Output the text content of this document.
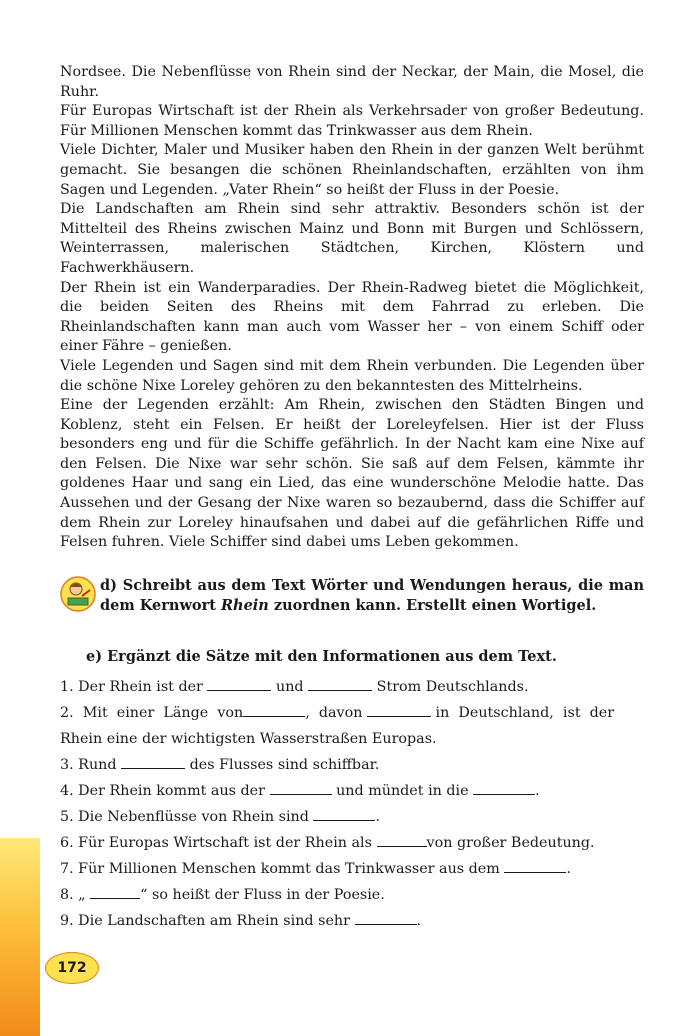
Nordsee. Die Nebenflüsse von Rhein sind der Neckar, der Main, die Mosel, die Ruhr.

Für Europas Wirtschaft ist der Rhein als Verkehrsader von großer Bedeutung. Für Millionen Menschen kommt das Trinkwasser aus dem Rhein.

Viele Dichter, Maler und Musiker haben den Rhein in der ganzen Welt berühmt gemacht. Sie besangen die schönen Rheinlandschaften, erzählten von ihm Sagen und Legenden. „Vater Rhein“ so heißt der Fluss in der Poesie.

Die Landschaften am Rhein sind sehr attraktiv. Besonders schön ist der Mittelteil des Rheins zwischen Mainz und Bonn mit Burgen und Schlössern, Weinterrassen, malerischen Städtchen, Kirchen, Klöstern und Fachwerkhäusern.

Der Rhein ist ein Wanderparadies. Der Rhein-Radweg bietet die Möglichkeit, die beiden Seiten des Rheins mit dem Fahrrad zu erleben. Die Rheinlandschaften kann man auch vom Wasser her – von einem Schiff oder einer Fähre – genießen.

Viele Legenden und Sagen sind mit dem Rhein verbunden. Die Legenden über die schöne Nixe Loreley gehören zu den bekanntesten des Mittelrheins.

Eine der Legenden erzählt: Am Rhein, zwischen den Städten Bingen und Koblenz, steht ein Felsen. Er heißt der Loreleyfelsen. Hier ist der Fluss besonders eng und für die Schiffe gefährlich. In der Nacht kam eine Nixe auf den Felsen. Die Nixe war sehr schön. Sie saß auf dem Felsen, kämmte ihr goldenes Haar und sang ein Lied, das eine wunderschöne Melodie hatte. Das Aussehen und der Gesang der Nixe waren so bezaubernd, dass die Schiffer auf dem Rhein zur Loreley hinaufsahen und dabei auf die gefährlichen Riffe und Felsen fuhren. Viele Schiffer sind dabei ums Leben gekommen.

d) Schreibt aus dem Text Wörter und Wendungen heraus, die man dem Kernwort Rhein zuordnen kann. Erstellt einen Wortigel.

e) Ergänzt die Sätze mit den Informationen aus dem Text.
1. Der Rhein ist der	und	Strom Deutschlands.
2.  Mit  einer  Länge  von	,  davon	in  Deutschland,  ist  der
Rhein eine der wichtigsten Wasserstraßen Europas.
3. Rund	des Flusses sind schiffbar.
4. Der Rhein kommt aus der	und mündet in die	.
5. Die Nebenflüsse von Rhein sind	.
6. Für Europas Wirtschaft ist der Rhein als	von großer Bedeutung.
7. Für Millionen Menschen kommt das Trinkwasser aus dem	.
8. „	“ so heißt der Fluss in der Poesie.
9. Die Landschaften am Rhein sind sehr	.
172
